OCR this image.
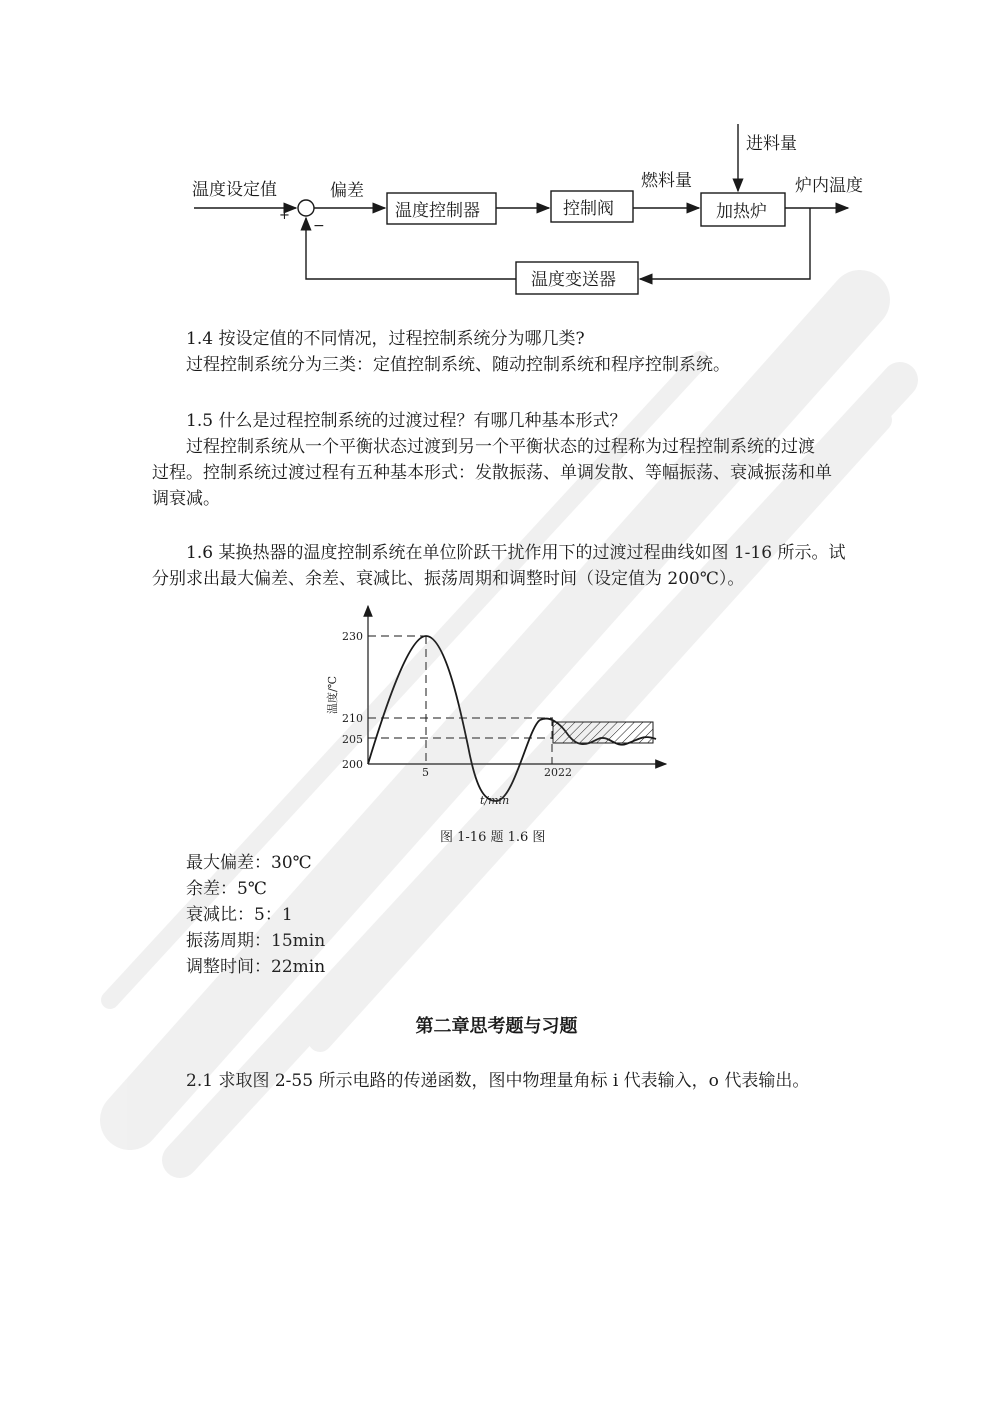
温度设定值
+
−
偏差	燃料量
进料量
炉内温度
温度控制器	控制阀	加热炉
温度变送器
1.4 按设定值的不同情况，过程控制系统分为哪几类?
过程控制系统分为三类：定值控制系统、随动控制系统和程序控制系统。
1.5 什么是过程控制系统的过渡过程？有哪几种基本形式？
过程控制系统从一个平衡状态过渡到另一个平衡状态的过程称为过程控制系统的过渡
过程。控制系统过渡过程有五种基本形式：发散振荡、单调发散、等幅振荡、衰减振荡和单
调衰减。
1.6 某换热器的温度控制系统在单位阶跃干扰作用下的过渡过程曲线如图 1-16 所示。试
分别求出最大偏差、余差、衰减比、振荡周期和调整时间（设定值为 200℃）。
200
205
210
230
5	20 22
t/min
温度/℃
图 1-16 题 1.6 图
最大偏差：30℃
余差：5℃
衰减比：5：1
振荡周期：15min
调整时间：22min
第二章思考题与习题
2.1 求取图 2-55 所示电路的传递函数，图中物理量角标 i 代表输入，o 代表输出。
